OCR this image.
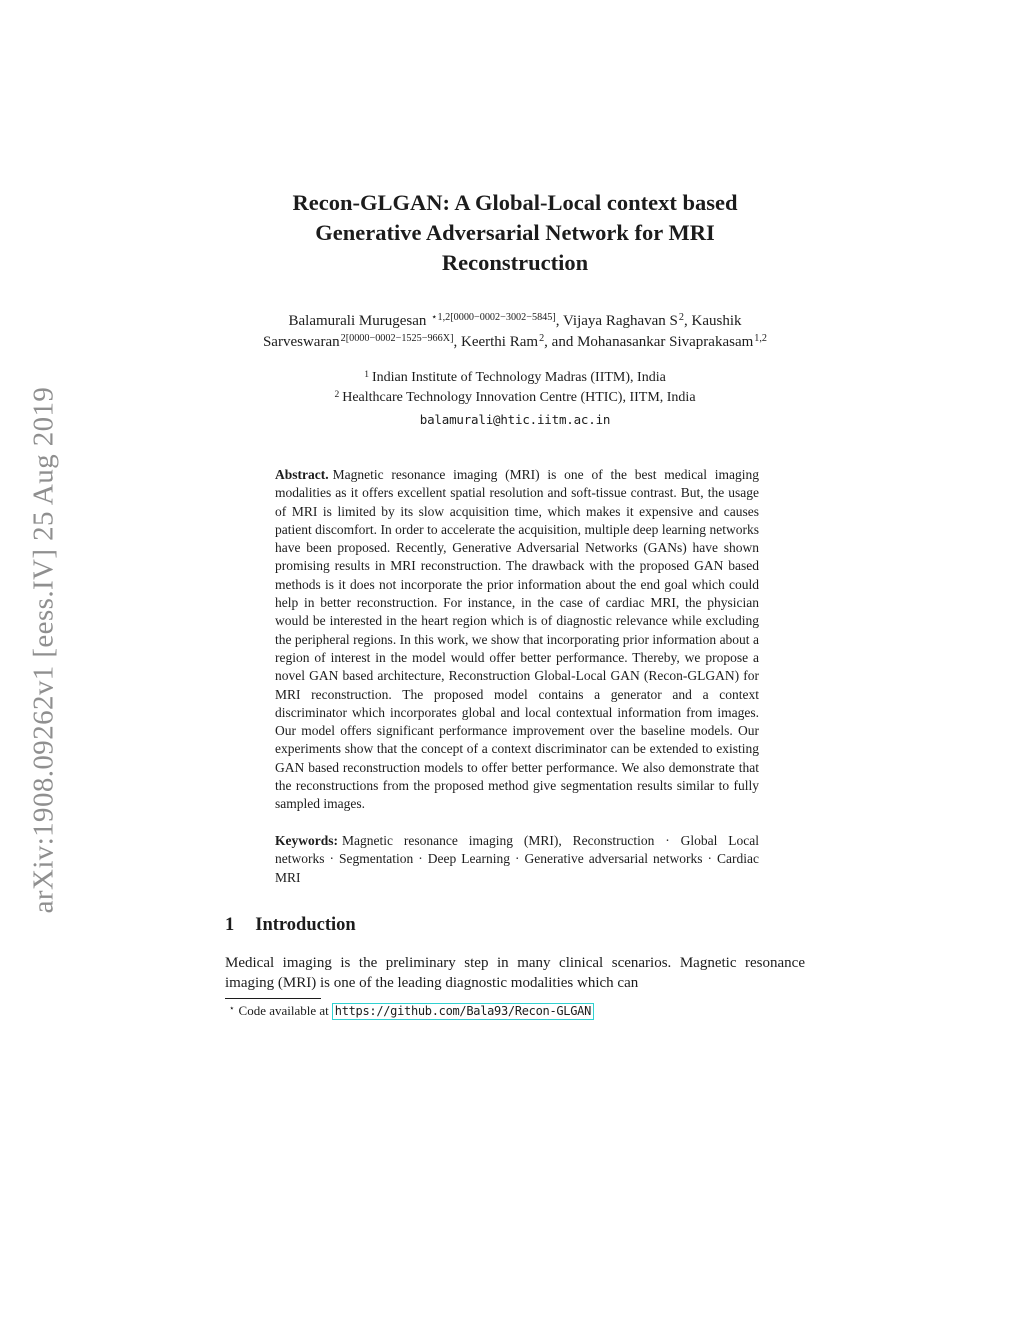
arXiv:1908.09262v1 [eess.IV] 25 Aug 2019
Recon-GLGAN: A Global-Local context based
Generative Adversarial Network for MRI
Reconstruction
Balamurali Murugesan $^{⋆1,2[0000-0002-3002-5845]}$, Vijaya Raghavan $S^2$, Kaushik Sarveswaran$^{2[0000-0002-1525-966X]}$, Keerthi Ram$^2$, and Mohanasankar Sivaprakasam$^{1,2}$
$^1$ Indian Institute of Technology Madras (IITM), India
$^2$ Healthcare Technology Innovation Centre (HTIC), IITM, India
balamurali@htic.iitm.ac.in
Abstract. Magnetic resonance imaging (MRI) is one of the best medical imaging modalities as it offers excellent spatial resolution and soft-tissue contrast. But, the usage of MRI is limited by its slow acquisition time, which makes it expensive and causes patient discomfort. In order to accelerate the acquisition, multiple deep learning networks have been proposed. Recently, Generative Adversarial Networks (GANs) have shown promising results in MRI reconstruction. The drawback with the proposed GAN based methods is it does not incorporate the prior information about the end goal which could help in better reconstruction. For instance, in the case of cardiac MRI, the physician would be interested in the heart region which is of diagnostic relevance while excluding the peripheral regions. In this work, we show that incorporating prior information about a region of interest in the model would offer better performance. Thereby, we propose a novel GAN based architecture, Reconstruction Global-Local GAN (Recon-GLGAN) for MRI reconstruction. The proposed model contains a generator and a context discriminator which incorporates global and local contextual information from images. Our model offers significant performance improvement over the baseline models. Our experiments show that the concept of a context discriminator can be extended to existing GAN based reconstruction models to offer better performance. We also demonstrate that the reconstructions from the proposed method give segmentation results similar to fully sampled images.
Keywords: Magnetic resonance imaging (MRI), Reconstruction · Global Local networks · Segmentation · Deep Learning · Generative adversarial networks · Cardiac MRI
1 Introduction
Medical imaging is the preliminary step in many clinical scenarios. Magnetic resonance imaging (MRI) is one of the leading diagnostic modalities which can
⋆ Code available at https://github.com/Bala93/Recon-GLGAN
